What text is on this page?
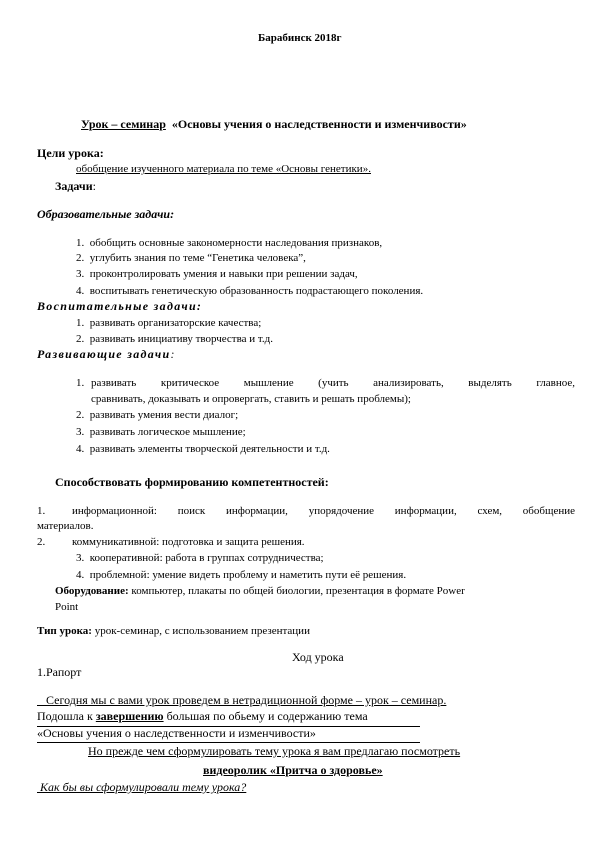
Барабинск 2018г
Урок – семинар «Основы учения о наследственности и изменчивости»
Цели урока:
обобщение изученного материала по теме «Основы генетики».
Задачи:
Образовательные задачи:
1.  обобщить основные закономерности наследования признаков,
2.  углубить знания по теме “Генетика человека”,
3.  проконтролировать умения и навыки при решении задач,
4.  воспитывать генетическую образованность подрастающего поколения.
Воспитательные задачи:
1.  развивать организаторские качества;
2.  развивать инициативу творчества и т.д.
Развивающие задачи:
1. развивать критическое мышление (учить анализировать, выделять главное,
сравнивать, доказывать и опровергать, ставить и решать проблемы);
2.  развивать умения вести диалог;
3.  развивать логическое мышление;
4.  развивать элементы творческой деятельности и т.д.
Способствовать формированию компетентностей:
1. информационной: поиск информации, упорядочение информации, схем, обобщение
материалов.
2. коммуникативной: подготовка и защита решения.
3.  кооперативной: работа в группах сотрудничества;
4.  проблемной: умение видеть проблему и наметить пути её решения.
Оборудование: компьютер, плакаты по общей биологии, презентация в формате Power
Point
Тип урока: урок-семинар, с использованием презентации
Ход урока
1.Рапорт
Сегодня мы с вами урок проведем в нетрадиционной форме – урок – семинар.
Подошла к завершению большая по обьему и содержанию тема
«Основы учения о наследственности и изменчивости»
Но прежде чем сформулировать тему урока я вам предлагаю посмотреть
видеоролик «Притча о здоровье»
Как бы вы сформулировали тему урока?
